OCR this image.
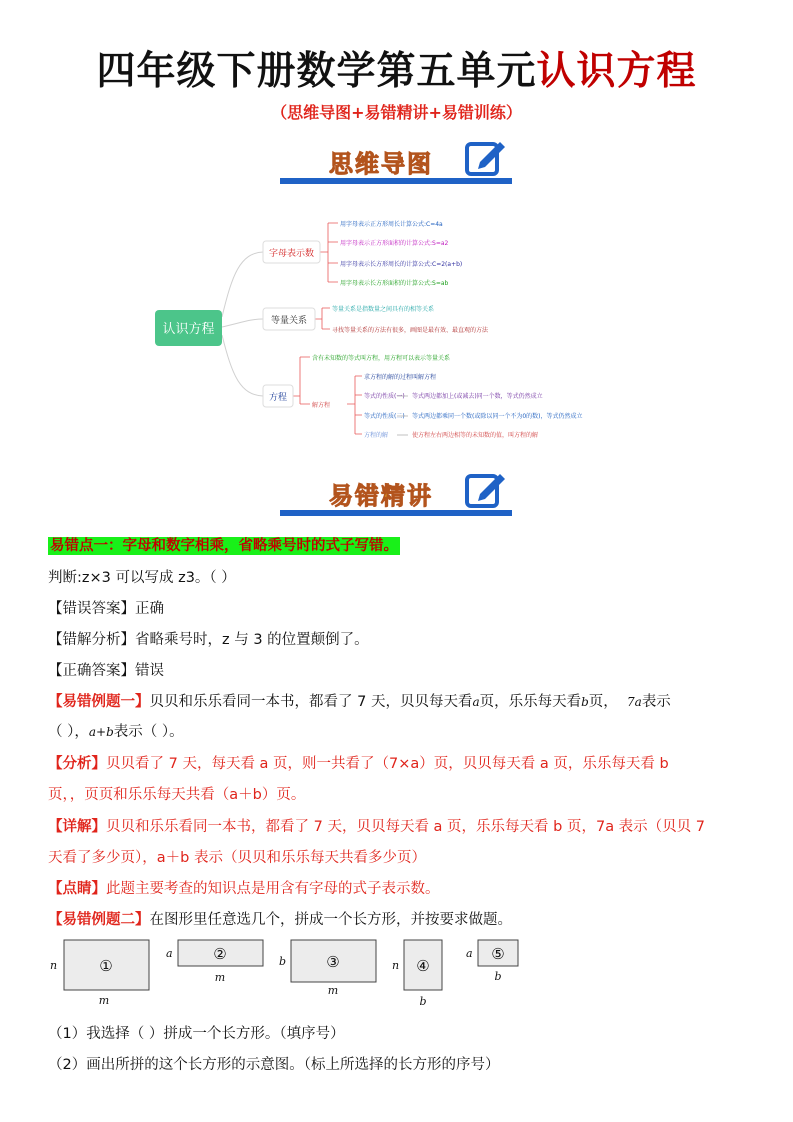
四年级下册数学第五单元认识方程
（思维导图+易错精讲+易错训练）
思维导图
认识方程
字母表示数
用字母表示正方形周长计算公式:C=4a
用字母表示正方形面积的计算公式:S=a2
用字母表示长方形周长的计算公式:C=2(a+b)
用字母表示长方形面积的计算公式:S=ab
等量关系
等量关系是指数量之间具有的相等关系
寻找等量关系的方法有很多，画图是最有效、最直观的方法
方程
含有未知数的等式叫方程，用方程可以表示等量关系
解方程
求方程的解的过程叫解方程
等式的性质(一) 等式两边都加上(或减去)同一个数，等式仍然成立
等式的性质(二) 等式两边都乘同一个数(或除以同一个不为0的数)，等式仍然成立
方程的解	使方程左右两边相等的未知数的值，叫方程的解
易错精讲
易错点一：字母和数字相乘，省略乘号时的式子写错。
判断:z×3 可以写成 z3。（ ）
【错误答案】正确
【错解分析】省略乘号时，z 与 3 的位置颠倒了。
【正确答案】错误
【易错例题一】贝贝和乐乐看同一本书，都看了 7 天，贝贝每天看a页，乐乐每天看b页， 7a表示
（ ），a+b表示（ ）。
【分析】贝贝看了 7 天，每天看 a 页，则一共看了（7×a）页，贝贝每天看 a 页，乐乐每天看 b
页，，页页和乐乐每天共看（a＋b）页。
【详解】贝贝和乐乐看同一本书，都看了 7 天，贝贝每天看 a 页，乐乐每天看 b 页，7a 表示（贝贝 7
天看了多少页），a＋b 表示（贝贝和乐乐每天共看多少页）
【点睛】此题主要考查的知识点是用含有字母的式子表示数。
【易错例题二】在图形里任意选几个，拼成一个长方形，并按要求做题。
n
m
a
m
b
m
n
b
a
b
①
②	③	④
⑤
（1）我选择（ ）拼成一个长方形。（填序号）
（2）画出所拼的这个长方形的示意图。（标上所选择的长方形的序号）
